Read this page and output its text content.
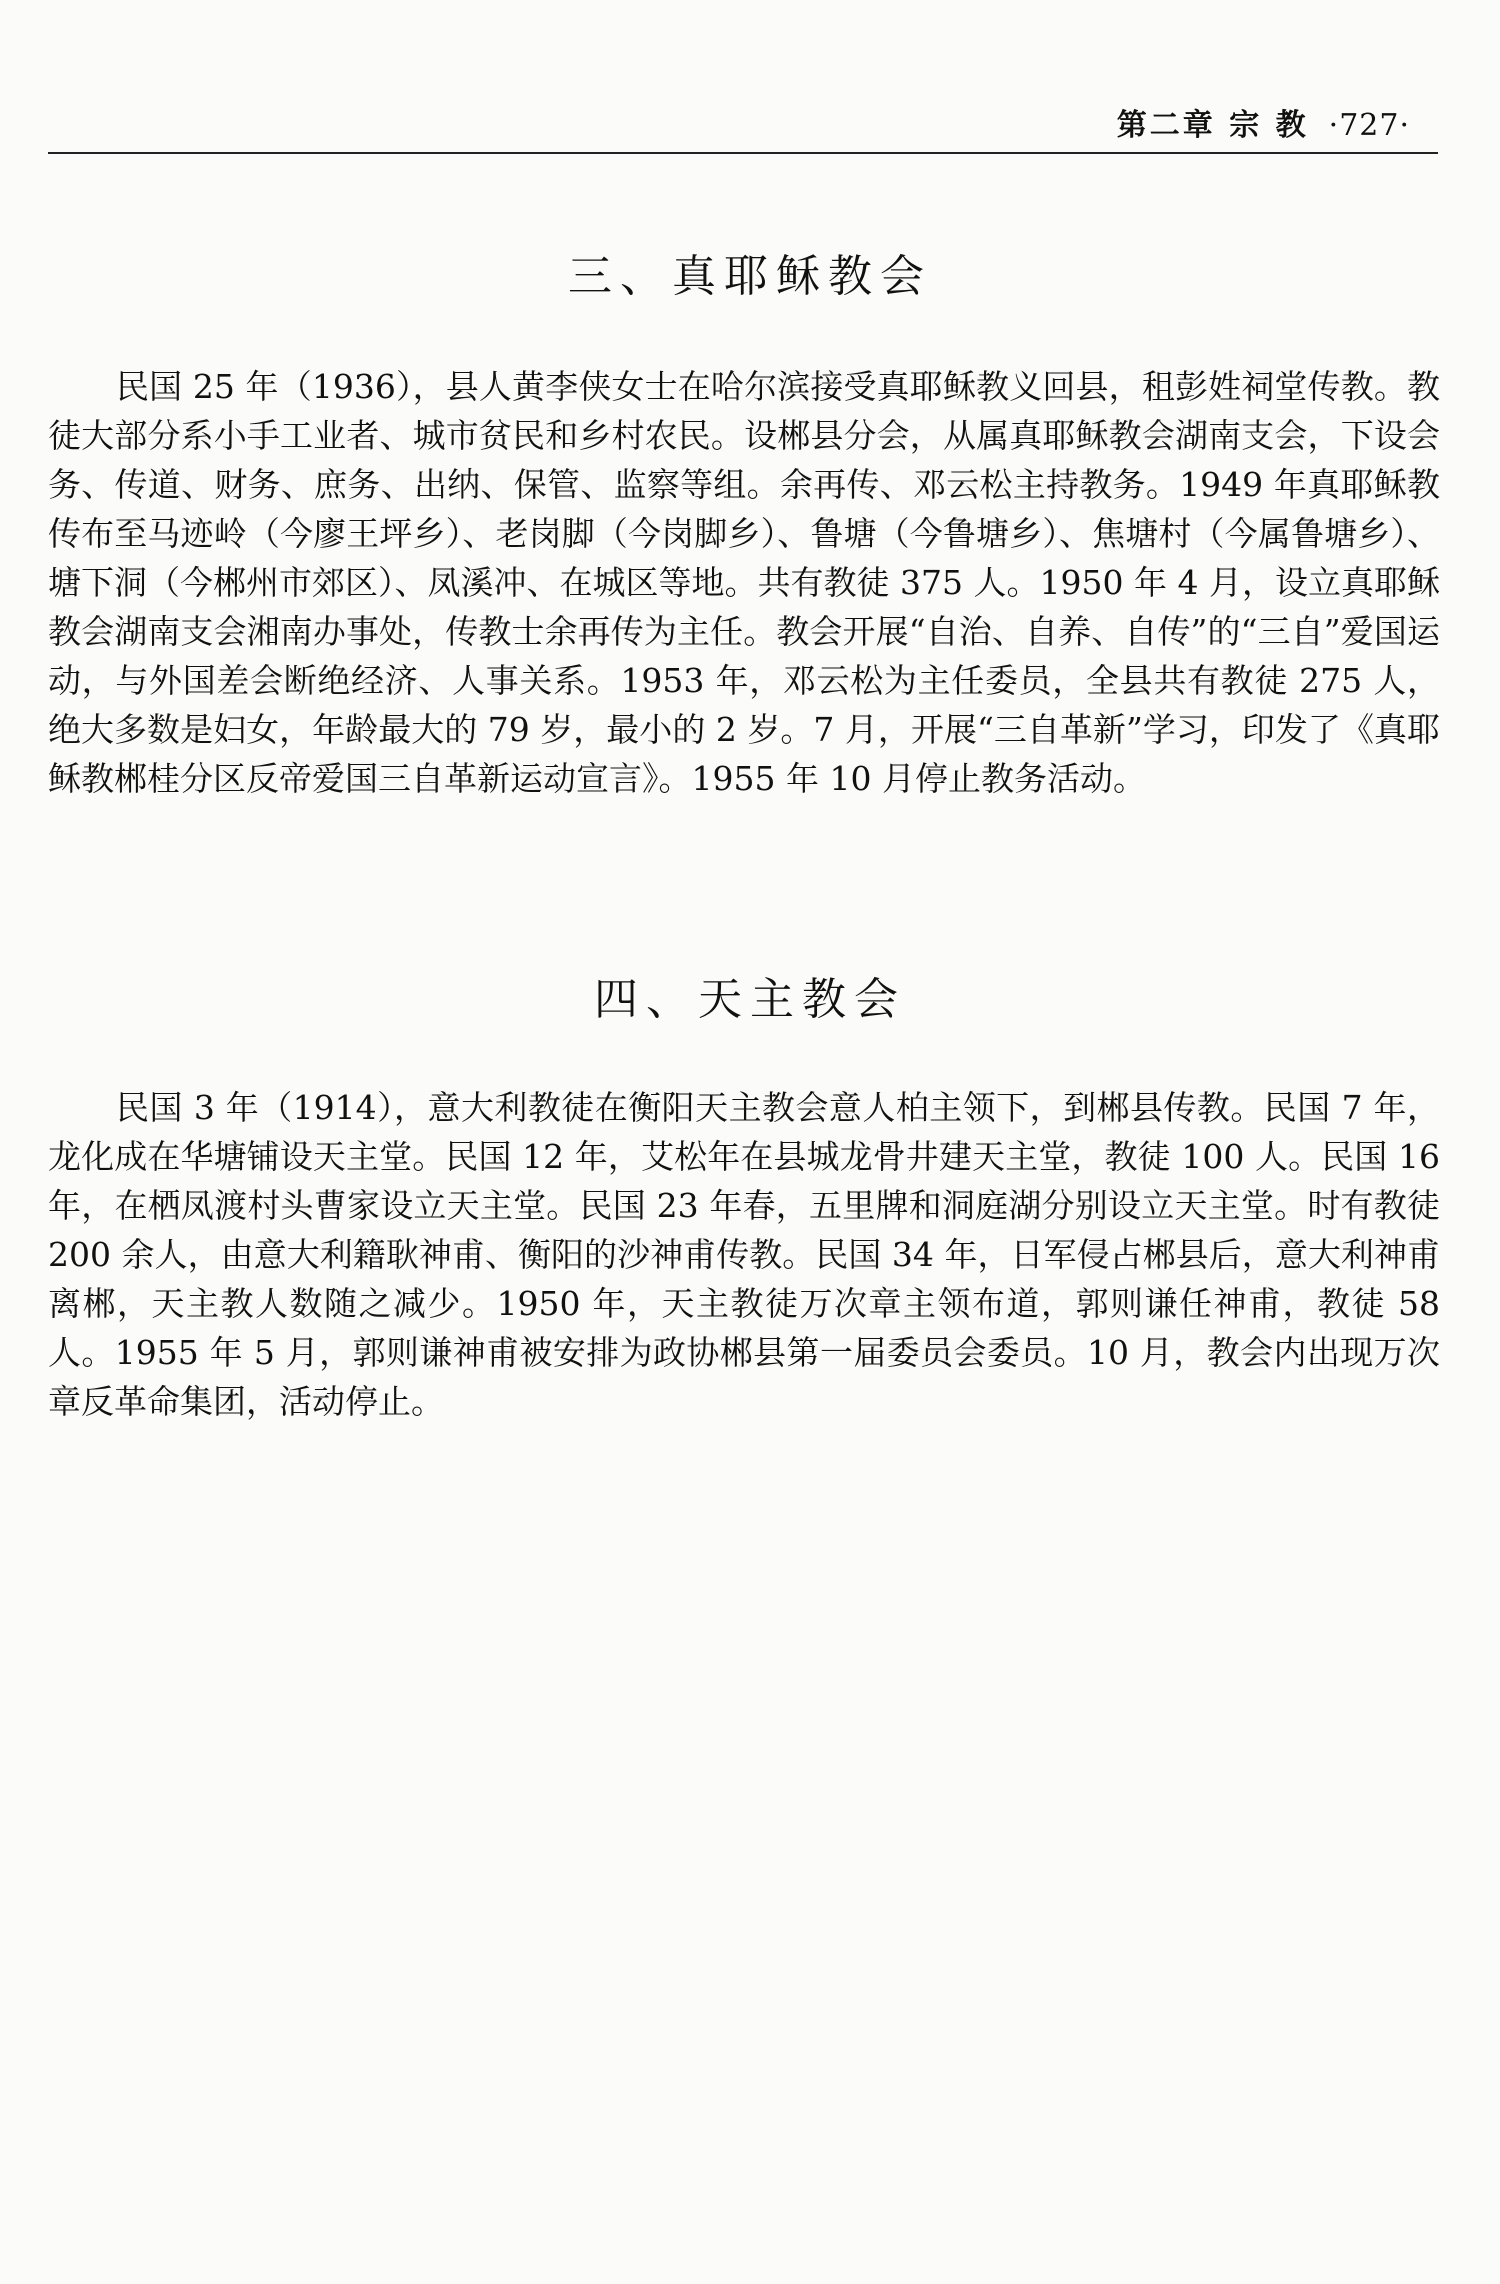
第二章 宗 教 ·727·
三、真耶稣教会
民国 25 年（1936），县人黄李侠女士在哈尔滨接受真耶稣教义回县，租彭姓祠堂传教。教徒大部分系小手工业者、城市贫民和乡村农民。设郴县分会，从属真耶稣教会湖南支会，下设会务、传道、财务、庶务、出纳、保管、监察等组。余再传、邓云松主持教务。1949 年真耶稣教传布至马迹岭（今廖王坪乡）、老岗脚（今岗脚乡）、鲁塘（今鲁塘乡）、焦塘村（今属鲁塘乡）、塘下洞（今郴州市郊区）、凤溪冲、在城区等地。共有教徒 375 人。1950 年 4 月，设立真耶稣教会湖南支会湘南办事处，传教士余再传为主任。教会开展“自治、自养、自传”的“三自”爱国运动，与外国差会断绝经济、人事关系。1953 年，邓云松为主任委员，全县共有教徒 275 人，绝大多数是妇女，年龄最大的 79 岁，最小的 2 岁。7 月，开展“三自革新”学习，印发了《真耶稣教郴桂分区反帝爱国三自革新运动宣言》。1955 年 10 月停止教务活动。
四、天主教会
民国 3 年（1914），意大利教徒在衡阳天主教会意人柏主领下，到郴县传教。民国 7 年，龙化成在华塘铺设天主堂。民国 12 年，艾松年在县城龙骨井建天主堂，教徒 100 人。民国 16 年，在栖凤渡村头曹家设立天主堂。民国 23 年春，五里牌和洞庭湖分别设立天主堂。时有教徒 200 余人，由意大利籍耿神甫、衡阳的沙神甫传教。民国 34 年，日军侵占郴县后，意大利神甫离郴，天主教人数随之减少。1950 年，天主教徒万次章主领布道，郭则谦任神甫，教徒 58 人。1955 年 5 月，郭则谦神甫被安排为政协郴县第一届委员会委员。10 月，教会内出现万次章反革命集团，活动停止。
